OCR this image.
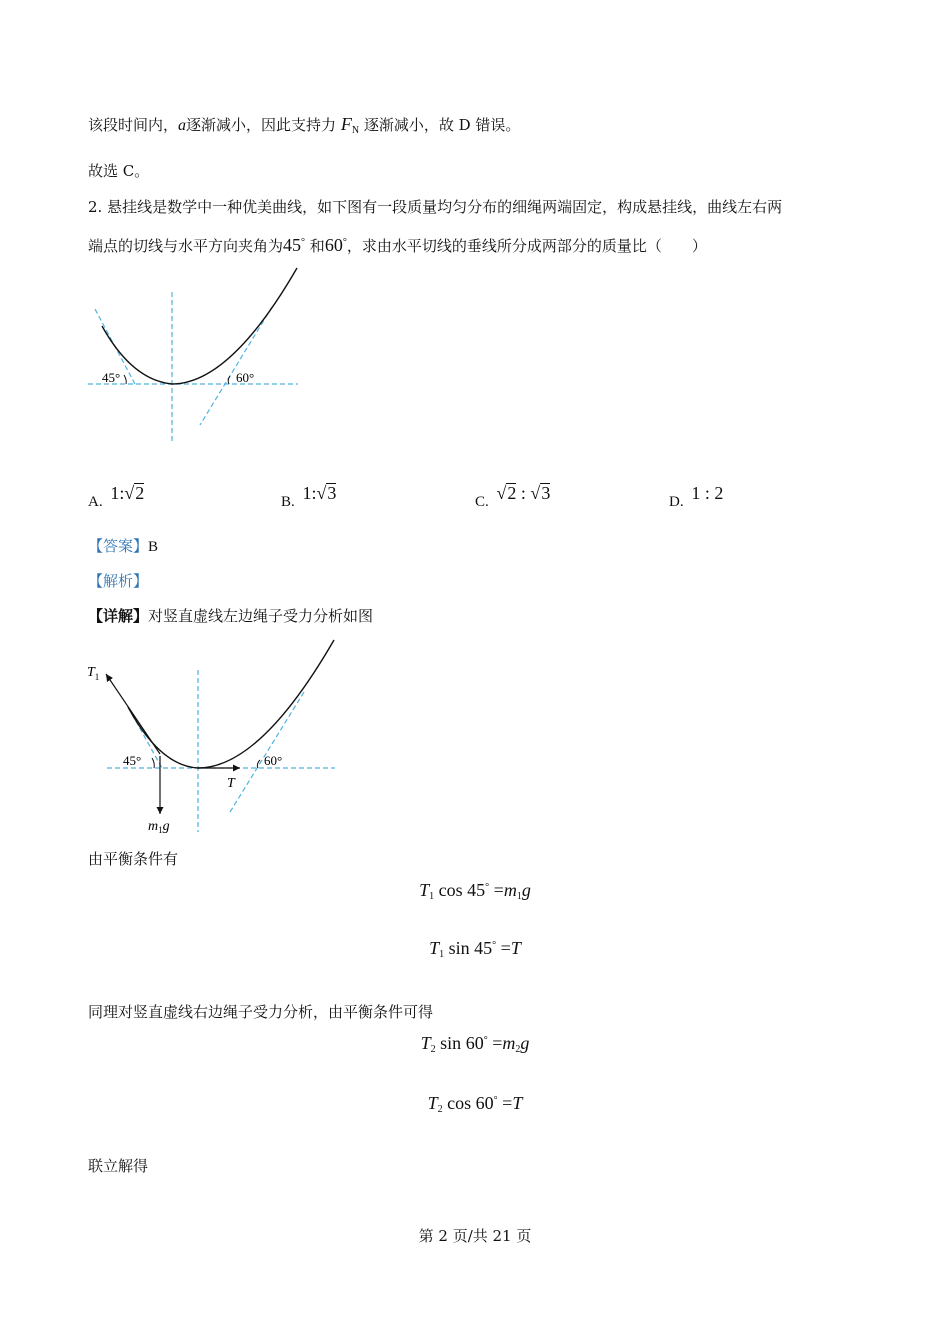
该段时间内，a逐渐减小，因此支持力 $F_N$ 逐渐减小，故 D 错误。
故选 C。
2. 悬挂线是数学中一种优美曲线，如下图有一段质量均匀分布的细绳两端固定，构成悬挂线，曲线左右两
端点的切线与水平方向夹角为45° 和60°，求由水平切线的垂线所分成两部分的质量比（　　）
45°	60°
A. 1:√2	B. 1:√3	C. √2 : √3	D. 1 : 2
【答案】B
【解析】
【详解】对竖直虚线左边绳子受力分析如图
45°	60°
$T_1$
T
$m_1g$
由平衡条件有
$T_1$ $\cos 45^\circ =m_1g$
$T_1$ sin 45° =T
同理对竖直虚线右边绳子受力分析，由平衡条件可得
$T_2$ $\sin 60^\circ =m_2g$
$T_2$ cos 60° =T
联立解得
第 2 页/共 21 页
